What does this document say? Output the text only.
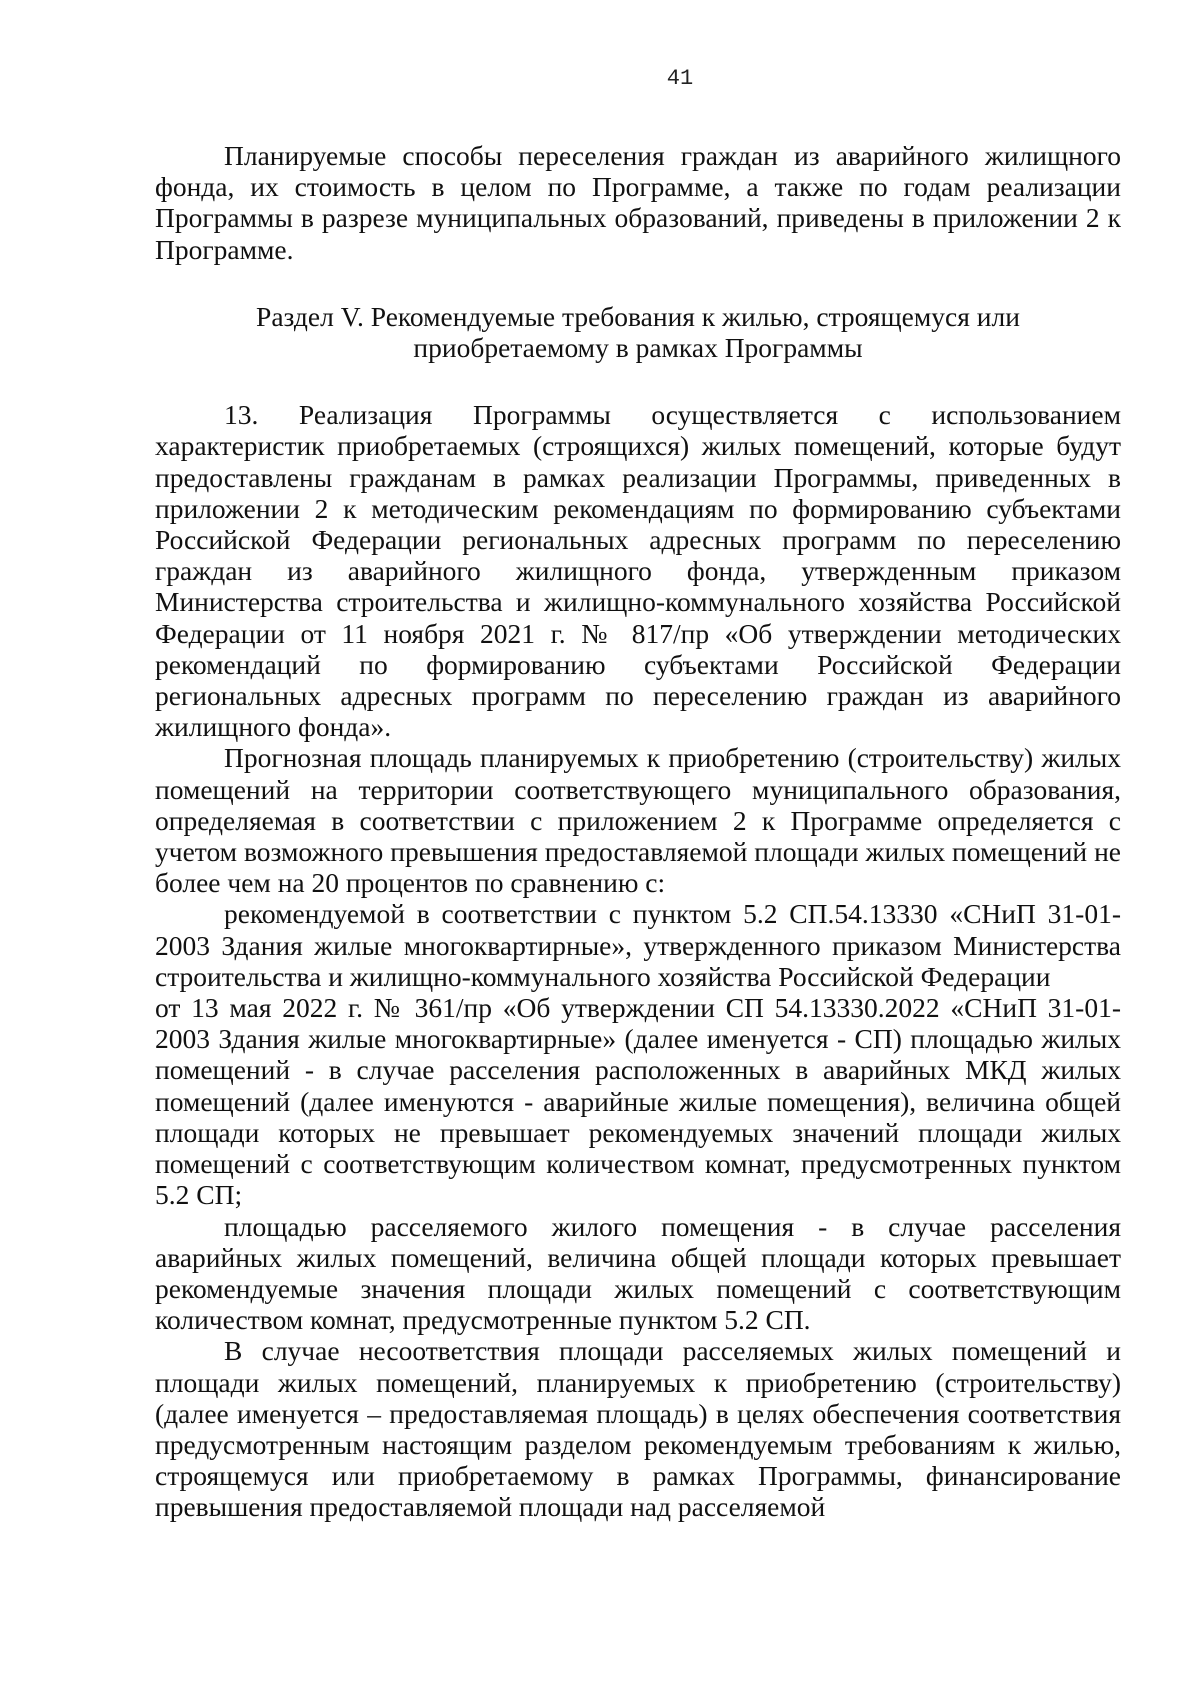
41

Планируемые способы переселения граждан из аварийного жилищного фонда, их стоимость в целом по Программе, а также по годам реализации Программы в разрезе муниципальных образований, приведены в приложении 2 к Программе.

Раздел V. Рекомендуемые требования к жилью, строящемуся или
приобретаемому в рамках Программы

13. Реализация Программы осуществляется с использованием характеристик приобретаемых (строящихся) жилых помещений, которые будут предоставлены гражданам в рамках реализации Программы, приведенных в приложении 2 к методическим рекомендациям по формированию субъектами Российской Федерации региональных адресных программ по переселению граждан из аварийного жилищного фонда, утвержденным приказом Министерства строительства и жилищно-коммунального хозяйства Российской Федерации от 11 ноября 2021 г. № 817/пр «Об утверждении методических рекомендаций по формированию субъектами Российской Федерации региональных адресных программ по переселению граждан из аварийного жилищного фонда».

Прогнозная площадь планируемых к приобретению (строительству) жилых помещений на территории соответствующего муниципального образования, определяемая в соответствии с приложением 2 к Программе определяется с учетом возможного превышения предоставляемой площади жилых помещений не более чем на 20 процентов по сравнению с:

рекомендуемой в соответствии с пунктом 5.2 СП.54.13330 «СНиП 31-01-2003 Здания жилые многоквартирные», утвержденного приказом Министерства строительства и жилищно-коммунального хозяйства Российской Федерации

от 13 мая 2022 г. № 361/пр «Об утверждении СП 54.13330.2022 «СНиП 31-01-2003 Здания жилые многоквартирные» (далее именуется - СП) площадью жилых помещений - в случае расселения расположенных в аварийных МКД жилых помещений (далее именуются - аварийные жилые помещения), величина общей площади которых не превышает рекомендуемых значений площади жилых помещений с соответствующим количеством комнат, предусмотренных пунктом 5.2 СП;

площадью расселяемого жилого помещения - в случае расселения аварийных жилых помещений, величина общей площади которых превышает рекомендуемые значения площади жилых помещений с соответствующим количеством комнат, предусмотренные пунктом 5.2 СП.

В случае несоответствия площади расселяемых жилых помещений и площади жилых помещений, планируемых к приобретению (строительству) (далее именуется – предоставляемая площадь) в целях обеспечения соответствия предусмотренным настоящим разделом рекомендуемым требованиям к жилью, строящемуся или приобретаемому в рамках Программы, финансирование превышения предоставляемой площади над расселяемой
